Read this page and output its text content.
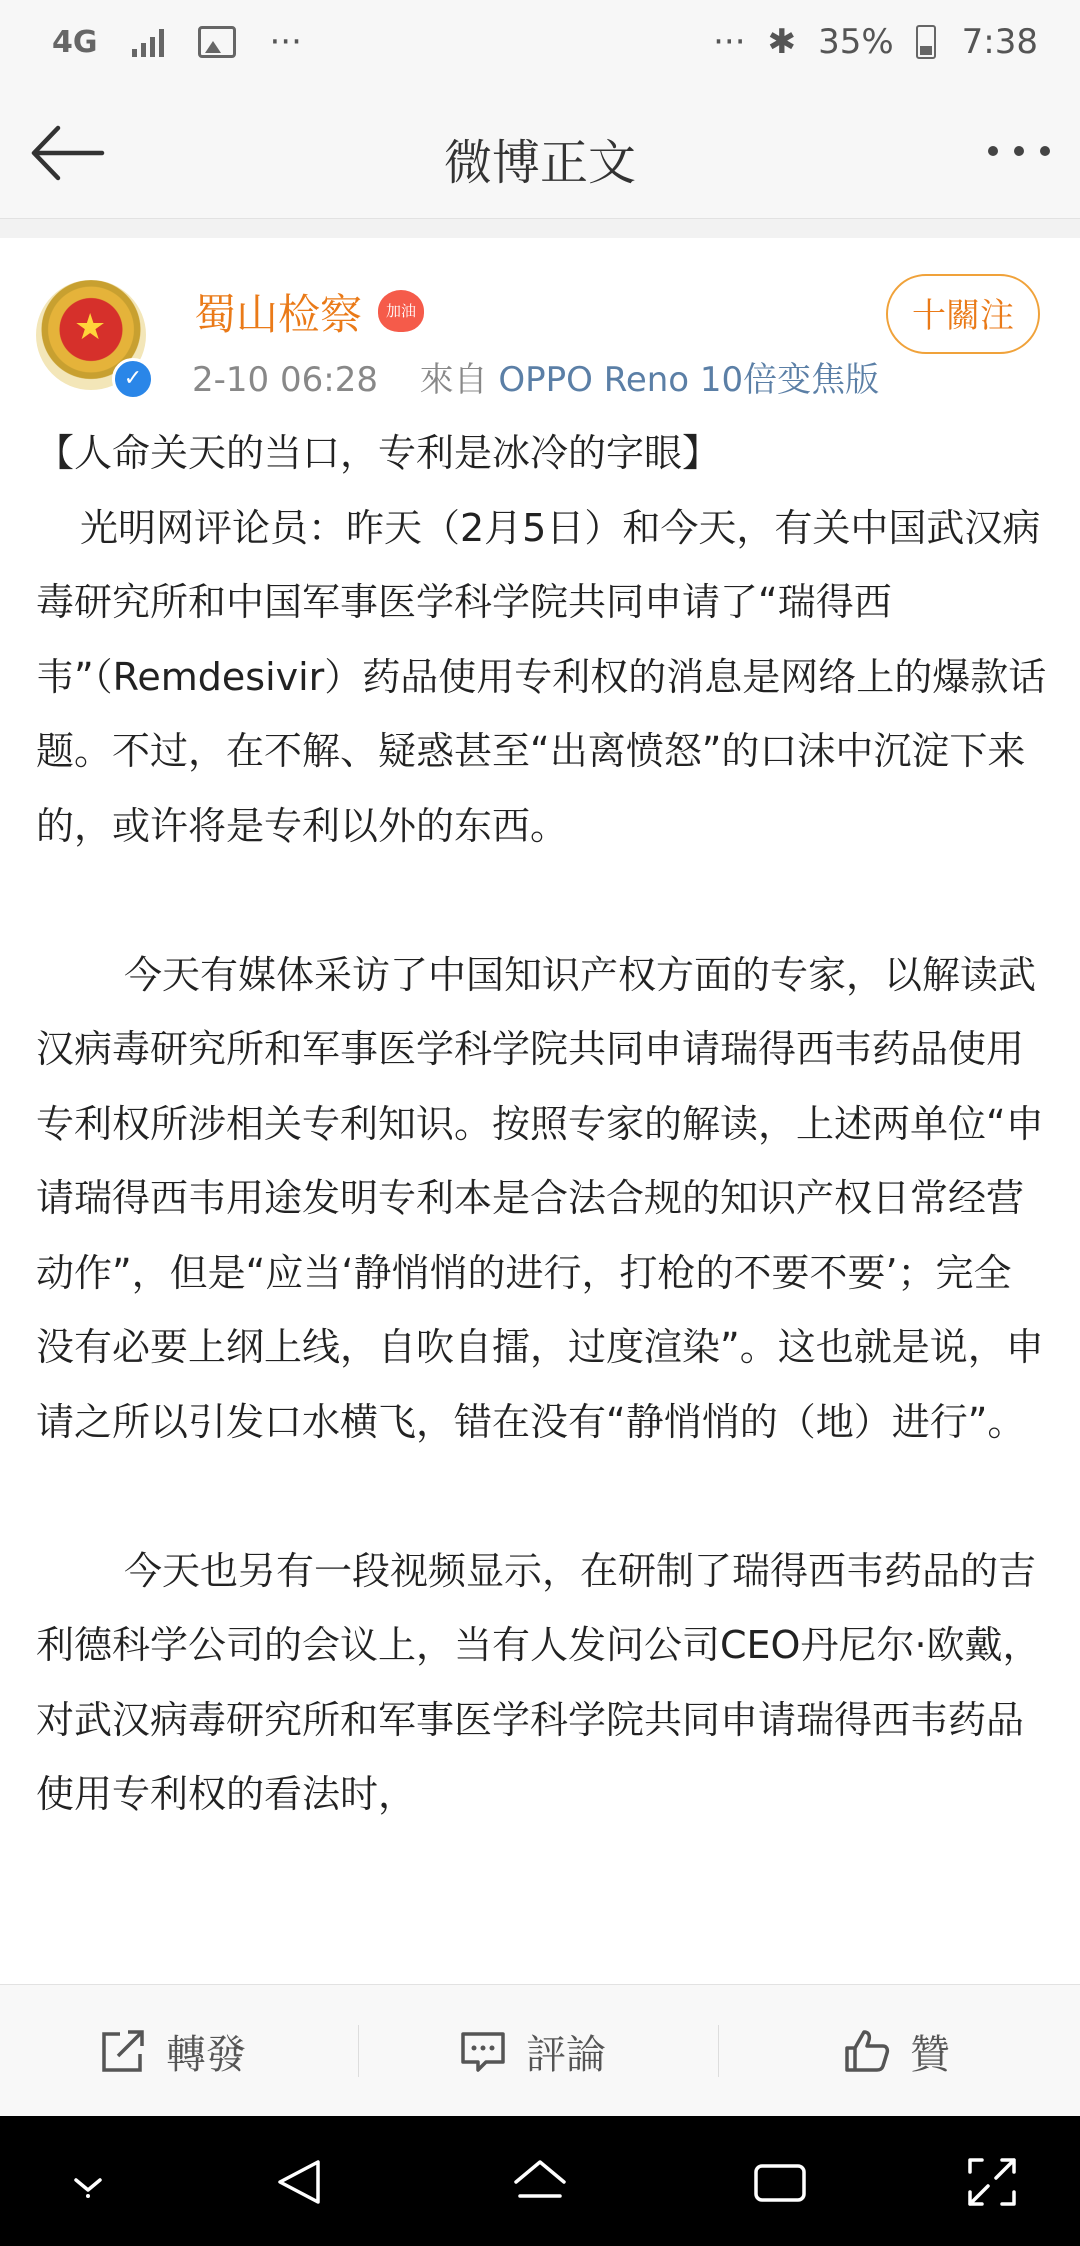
4G	···	··· ✱ 35% 7:38
微博正文
★
✓
蜀山检察	加油
2-10 06:28 來自 OPPO Reno 10倍变焦版
十關注

【人命关天的当口，专利是冰冷的字眼】

光明网评论员：昨天（2月5日）和今天，有关中国武汉病毒研究所和中国军事医学科学院共同申请了“瑞得西韦”（Remdesivir）药品使用专利权的消息是网络上的爆款话题。不过，在不解、疑惑甚至“出离愤怒”的口沫中沉淀下来的，或许将是专利以外的东西。

今天有媒体采访了中国知识产权方面的专家，以解读武汉病毒研究所和军事医学科学院共同申请瑞得西韦药品使用专利权所涉相关专利知识。按照专家的解读，上述两单位“申请瑞得西韦用途发明专利本是合法合规的知识产权日常经营动作”，但是“应当‘静悄悄的进行，打枪的不要不要’；完全没有必要上纲上线，自吹自擂，过度渲染”。这也就是说，申请之所以引发口水横飞，错在没有“静悄悄的（地）进行”。

今天也另有一段视频显示，在研制了瑞得西韦药品的吉利德科学公司的会议上，当有人发问公司CEO丹尼尔·欧戴，对武汉病毒研究所和军事医学科学院共同申请瑞得西韦药品使用专利权的看法时，

轉發	評論	贊
